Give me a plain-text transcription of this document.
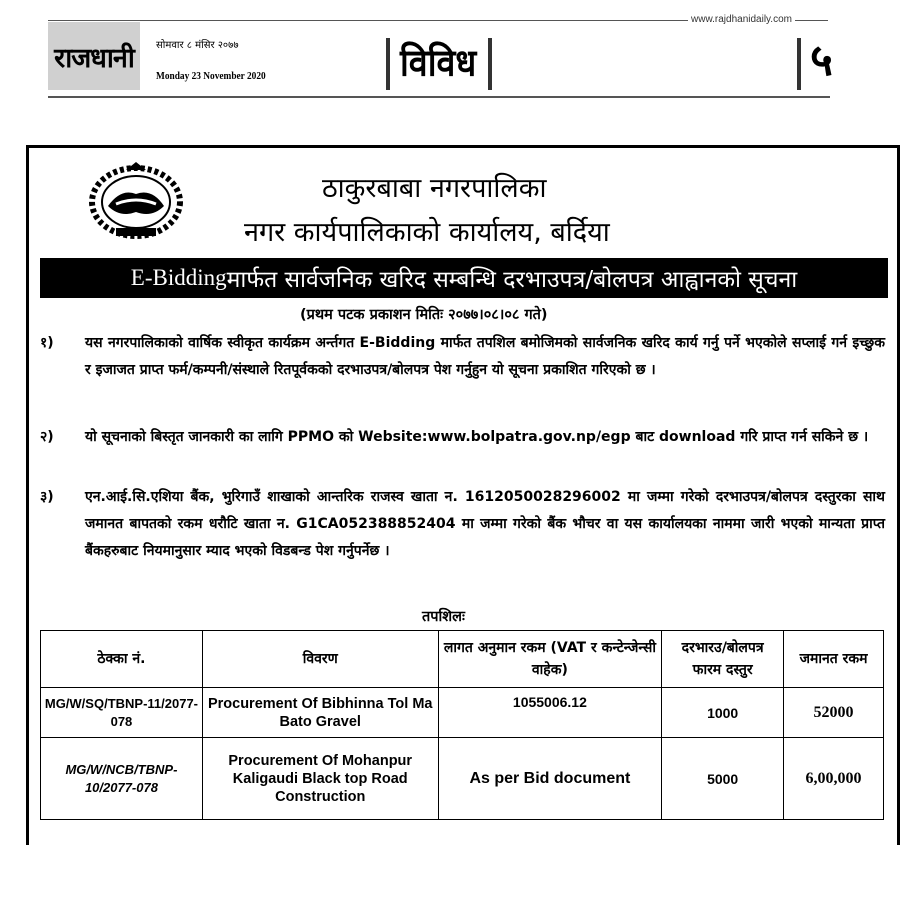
www.rajdhanidaily.com
राजधानी सोमवार ८ मंसिर २०७७
Monday 23 November 2020	विविध	५
ठाकुरबाबा नगरपालिका
नगर कार्यपालिकाको कार्यालय, बर्दिया
E-Bidding मार्फत सार्वजनिक खरिद सम्बन्धि दरभाउपत्र/बोलपत्र आह्वानको सूचना
(प्रथम पटक प्रकाशन मितिः २०७७।०८।०८ गते)
१) यस नगरपालिकाको वार्षिक स्वीकृत कार्यक्रम अर्न्तगत E-Bidding मार्फत तपशिल बमोजिमको सार्वजनिक खरिद कार्य गर्नु पर्ने भएकोले सप्लाई गर्न इच्छुक र इजाजत प्राप्त फर्म/कम्पनी/संस्थाले रितपूर्वकको दरभाउपत्र/बोलपत्र पेश गर्नुहुन यो सूचना प्रकाशित गरिएको छ ।
२) यो सूचनाको बिस्तृत जानकारी का लागि PPMO को Website:www.bolpatra.gov.np/egp बाट download गरि प्राप्त गर्न सकिने छ ।
३) एन.आई.सि.एशिया बैंक, भुरिगाउँ शाखाको आन्तरिक राजस्व खाता न. 1612050028296002 मा जम्मा गरेको दरभाउपत्र/बोलपत्र दस्तुरका साथ जमानत बापतको रकम धरौटि खाता न. G1CA052388852404 मा जम्मा गरेको बैंक भौचर वा यस कार्यालयका नाममा जारी भएको मान्यता प्राप्त बैंकहरुबाट नियमानुसार म्याद भएको विडबन्ड पेश गर्नुपर्नेछ ।
तपशिलः
ठेक्का नं.	विवरण	लागत अनुमान रकम (VAT र कन्टेन्जेन्सी वाहेक)	दरभारउ/बोलपत्र फारम दस्तुर	जमानत रकम
MG/W/SQ/TBNP-11/2077-078	Procurement Of Bibhinna Tol Ma Bato Gravel	1055006.12	1000	52000
MG/W/NCB/TBNP-10/2077-078	Procurement Of Mohanpur Kaligaudi Black top Road Construction	As per Bid document	5000	6,00,000
